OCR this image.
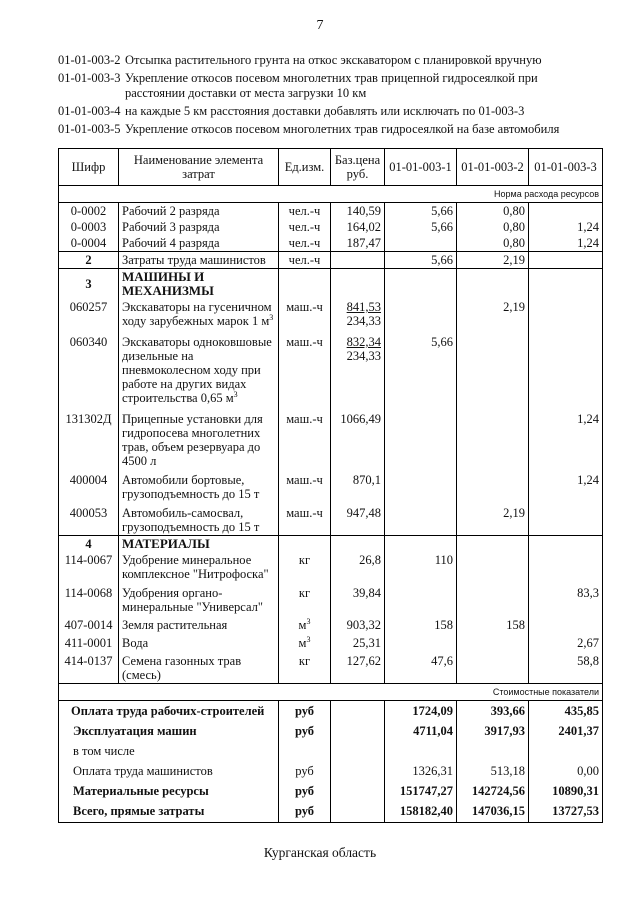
7
01-01-003-2 Отсыпка растительного грунта на откос экскаватором с планировкой вручную
01-01-003-3 Укрепление откосов посевом многолетних трав прицепной гидросеялкой при расстоянии доставки от места загрузки 10 км
01-01-003-4 на каждые 5 км расстояния доставки добавлять или исключать по 01-003-3
01-01-003-5 Укрепление откосов посевом многолетних трав гидросеялкой на базе автомобиля
Шифр	Наименование элемента затрат	Ед.изм.	Баз.цена руб.	01-01-003-1	01-01-003-2	01-01-003-3
Норма расхода ресурсов						
0-0002	Рабочий 2 разряда	чел.-ч	140,59	5,66	0,80	
0-0003	Рабочий 3 разряда	чел.-ч	164,02	5,66	0,80	1,24
0-0004	Рабочий 4 разряда	чел.-ч	187,47		0,80	1,24
2	Затраты труда машинистов	чел.-ч		5,66	2,19	
3	МАШИНЫ И МЕХАНИЗМЫ					
060257	Экскаваторы на гусеничном ходу зарубежных марок 1 $м^3$	маш.-ч	841,53
234,33		2,19	
060340	Экскаваторы одноковшовые дизельные на пневмоколесном ходу при работе на других видах строительства 0,65 $м^3$	маш.-ч	832,34
234,33	5,66		
131302Д	Прицепные установки для гидропосева многолетних трав, объем резервуара до 4500 л	маш.-ч	1066,49			1,24
400004	Автомобили бортовые, грузоподъемность до 15 т	маш.-ч	870,1			1,24
400053	Автомобиль-самосвал, грузоподъемность до 15 т	маш.-ч	947,48		2,19	
4	МАТЕРИАЛЫ					
114-0067	Удобрение минеральное комплексное "Нитрофоска"	кг	26,8	110		
114-0068	Удобрения органо-минеральные "Универсал"	кг	39,84			83,3
407-0014	Земля растительная	$м^3$	903,32	158	158	
411-0001	Вода	$м^3$	25,31			2,67
414-0137	Семена газонных трав (смесь)	кг	127,62	47,6		58,8
Стоимостные показатели						
Оплата труда рабочих-строителей		руб		1724,09	393,66	435,85
Эксплуатация машин		руб		4711,04	3917,93	2401,37
в том числе						
Оплата труда машинистов		руб		1326,31	513,18	0,00
Материальные ресурсы		руб		151747,27	142724,56	10890,31
Всего, прямые затраты		руб		158182,40	147036,15	13727,53
Курганская область
